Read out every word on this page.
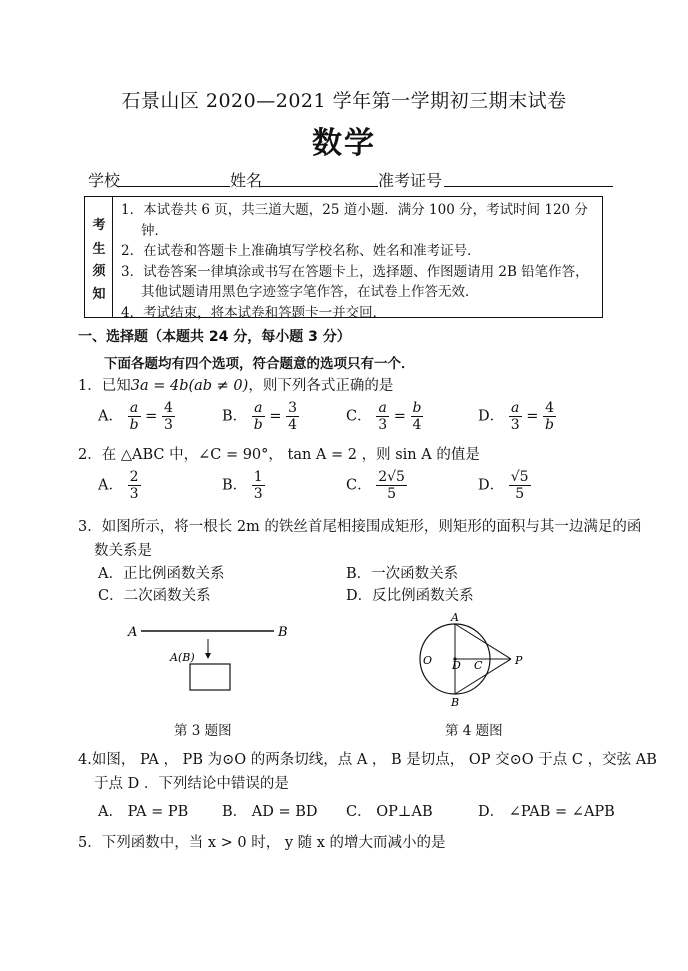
石景山区 2020—2021 学年第一学期初三期末试卷
数学
学校	姓名	准考证号
考
生
须
知
1．本试卷共 6 页，共三道大题，25 道小题．满分 100 分，考试时间 120 分
钟．
2．在试卷和答题卡上准确填写学校名称、姓名和准考证号．
3．试卷答案一律填涂或书写在答题卡上，选择题、作图题请用 2B 铅笔作答，
其他试题请用黑色字迹签字笔作答，在试卷上作答无效．
4．考试结束，将本试卷和答题卡一并交回．
一、选择题（本题共 24 分，每小题 3 分）
下面各题均有四个选项，符合题意的选项只有一个．
1．已知3a = 4b(ab ≠ 0)，则下列各式正确的是
A． $\frac{a}{b} = \frac{4}{3}$	B． $\frac{a}{b} = \frac{3}{4}$	C． $\frac{a}{3} = \frac{b}{4}$	D． $\frac{a}{3} = \frac{4}{b}$
2．在 △ABC 中，∠C = 90°， tan A = 2 ，则 sin A 的值是
A． $\frac{2}{3}$	B． $\frac{1}{3}$	C． $\frac{2√5}{5}$	D． $\frac{√5}{5}$
3．如图所示，将一根长 2m 的铁丝首尾相接围成矩形，则矩形的面积与其一边满足的函
数关系是
A．正比例函数关系	B．一次函数关系
C．二次函数关系	D．反比例函数关系
A	B
A(B)
第 3 题图
O
A
B
D C	P
第 4 题图
4.如图， PA ， PB 为⊙O 的两条切线，点 A ， B 是切点， OP 交⊙O 于点 C ，交弦 AB
于点 D ．下列结论中错误的是
A． PA = PB B． AD = BD C． OP⊥AB	D． ∠PAB = ∠APB
5．下列函数中，当 x > 0 时， y 随 x 的增大而减小的是
